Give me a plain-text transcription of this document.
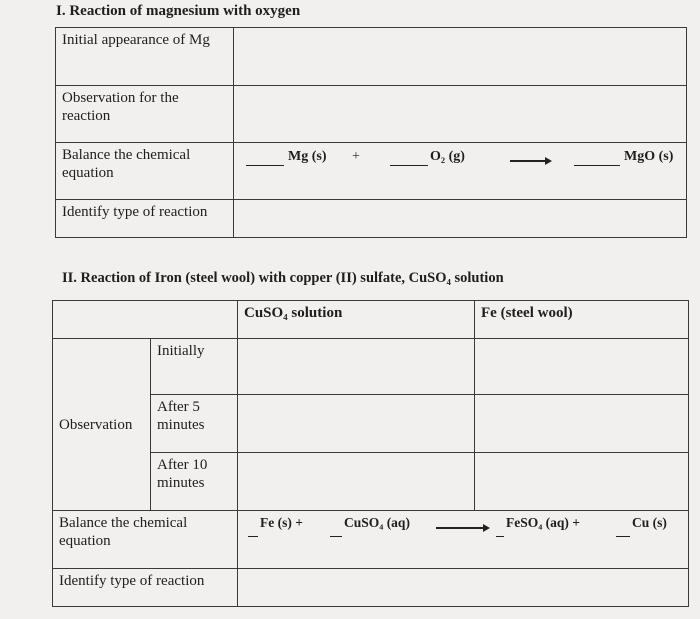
I. Reaction of magnesium with oxygen
Initial appearance of Mg	
Observation for the reaction	
Balance the chemical equation	Mg (s) + O₂ (g) MgO (s)

Identify type of reaction	
II. Reaction of Iron (steel wool) with copper (II) sulfate, CuSO₄ solution
		CuSO₄ solution	Fe (steel wool)
Observation	Initially		
	After 5 minutes		
	After 10 minutes		
Balance the chemical equation		Fe (s) + CuSO₄ (aq) FeSO₄ (aq) + Cu (s)	

Identify type of reaction			
